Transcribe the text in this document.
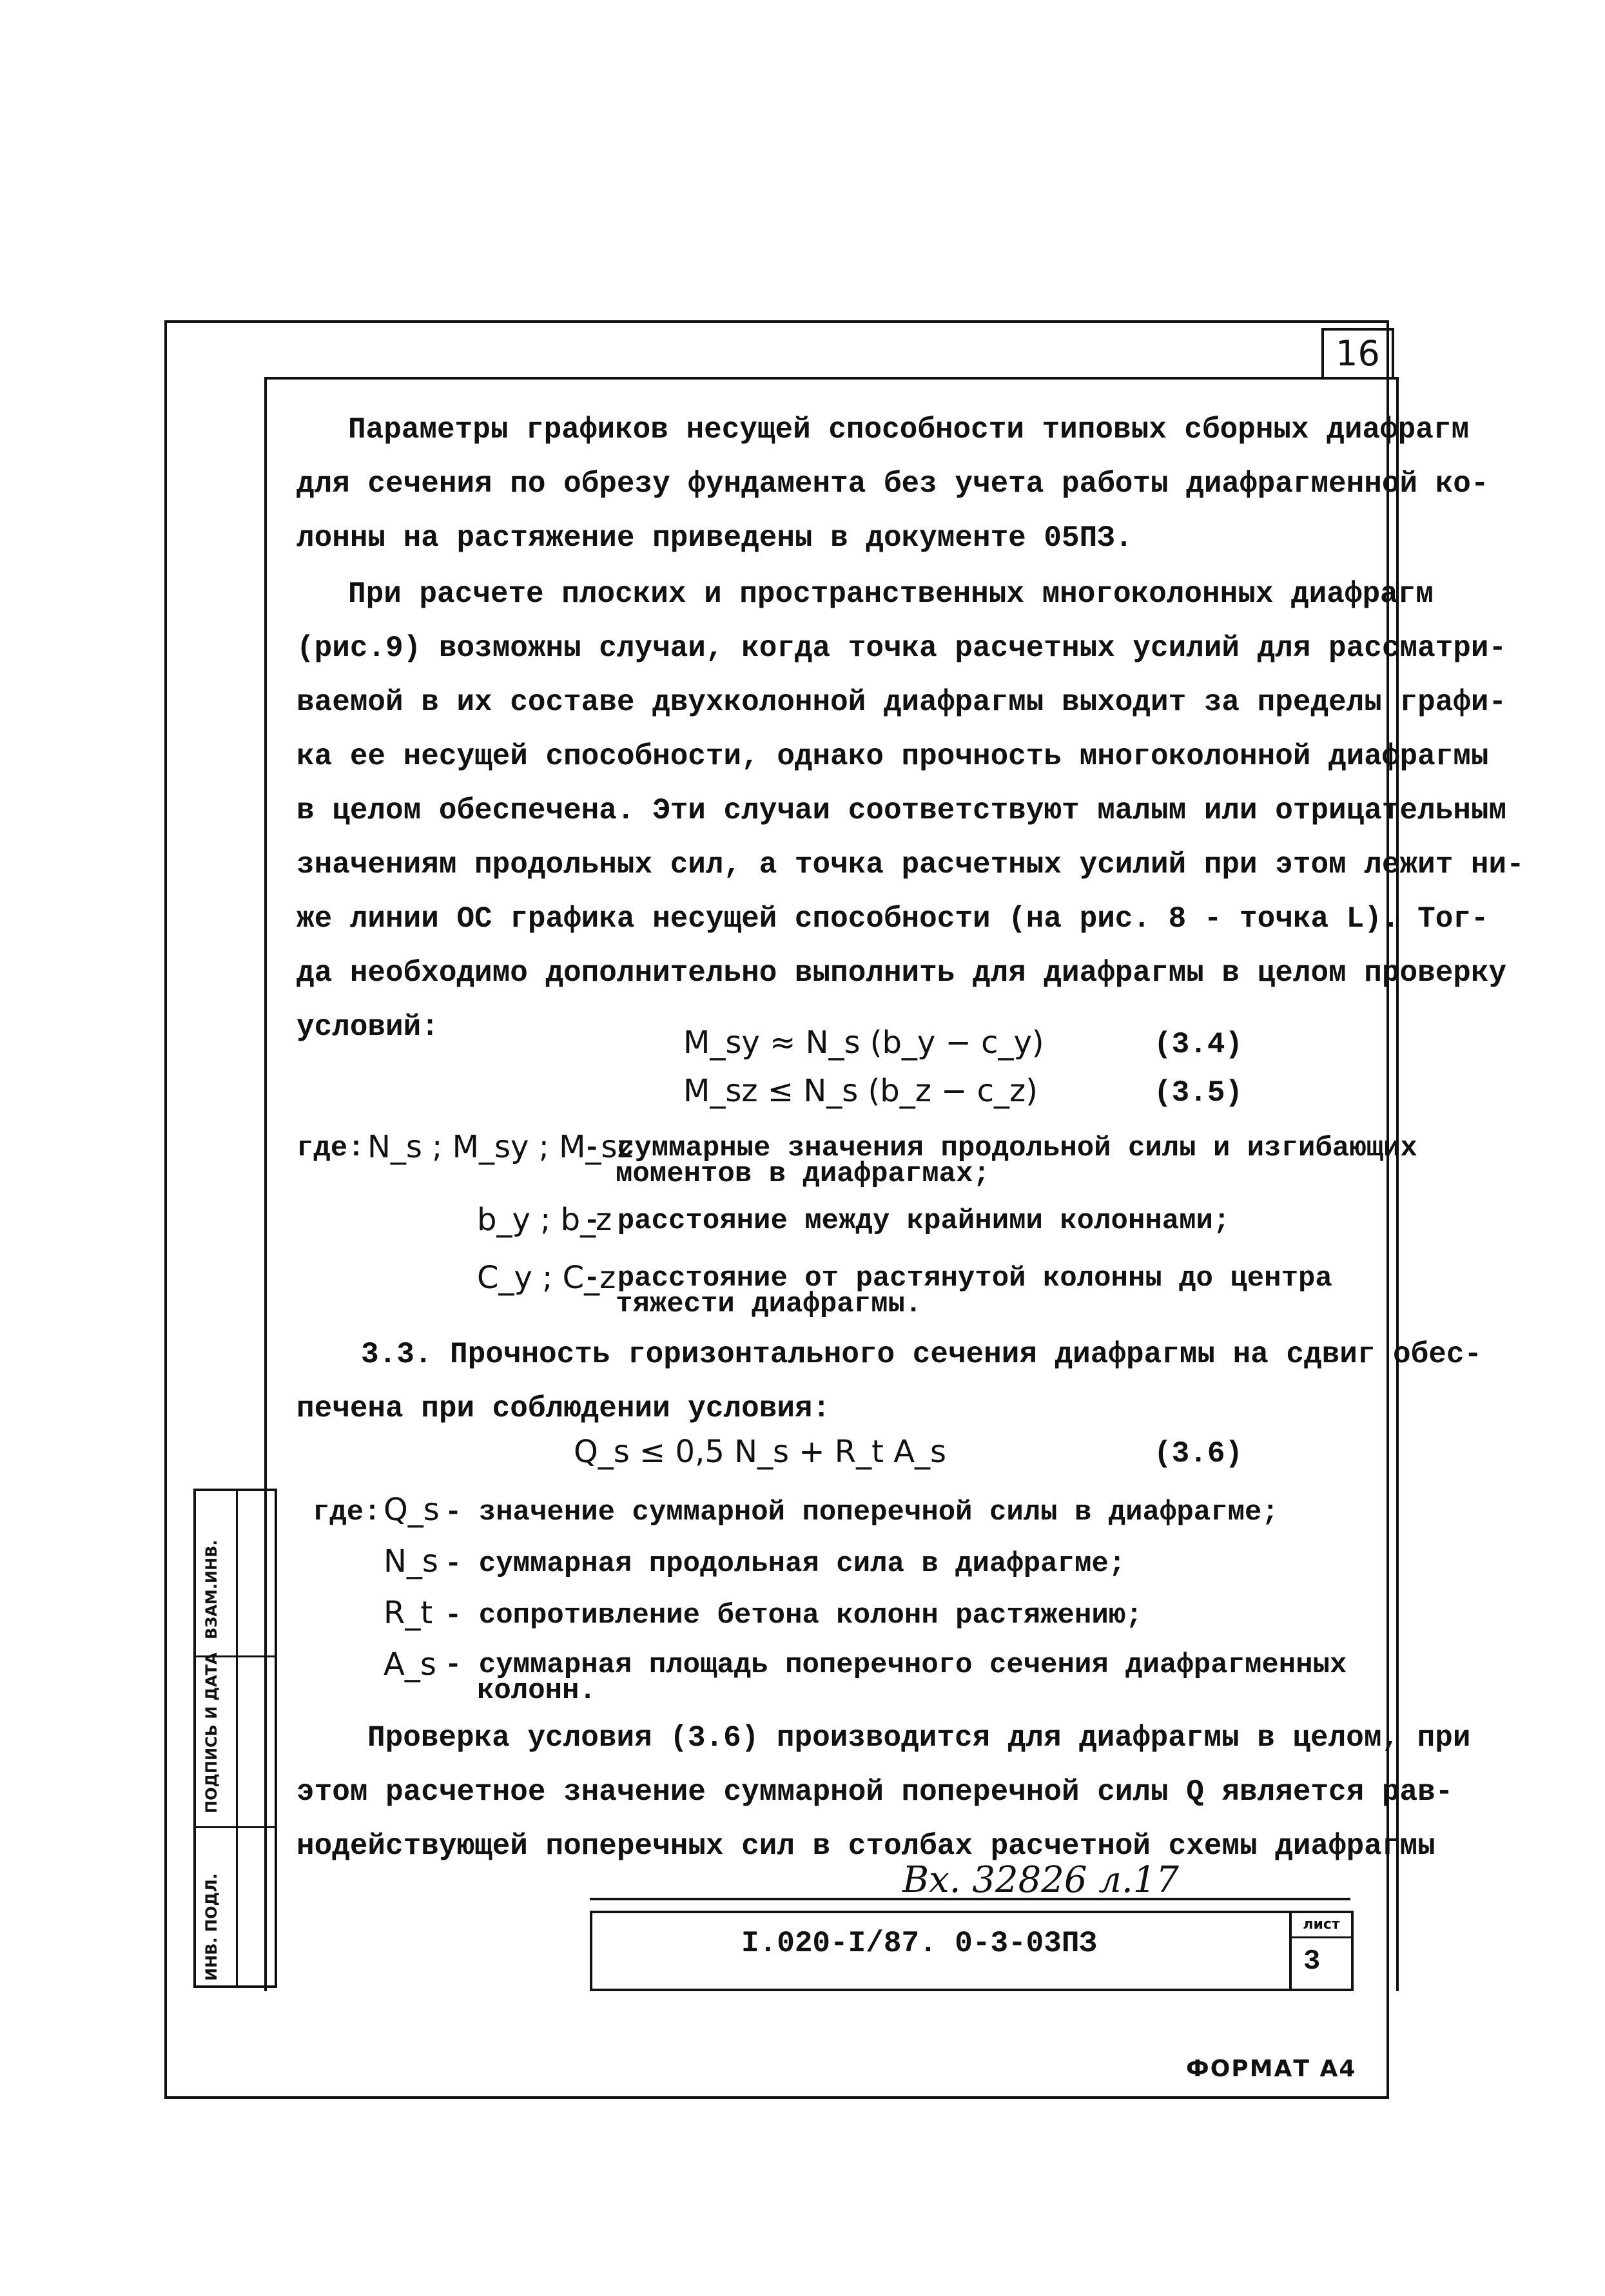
16
Параметры графиков несущей способности типовых сборных диафрагм
для сечения по обрезу фундамента без учета работы диафрагменной ко-
лонны на растяжение приведены в документе 05ПЗ.
При расчете плоских и пространственных многоколонных диафрагм
(рис.9) возможны случаи, когда точка расчетных усилий для рассматри-
ваемой в их составе двухколонной диафрагмы выходит за пределы графи-
ка ее несущей способности, однако прочность многоколонной диафрагмы
в целом обеспечена. Эти случаи соответствуют малым или отрицательным
значениям продольных сил, а точка расчетных усилий при этом лежит ни-
же линии ОС графика несущей способности (на рис. 8 - точка L). Тог-
да необходимо дополнительно выполнить для диафрагмы в целом проверку
условий:	M_sy ≈ N_s (b_y − c_y)	(3.4)
M_sz ≤ N_s (b_z − c_z)	(3.5)
где: N_s ; M_sy ; M_sz
- суммарные значения продольной силы и изгибающих
моментов в диафрагмах;
b_y ; b_z
- расстояние между крайними колоннами;
C_y ; C_z
- расстояние от растянутой колонны до центра
тяжести диафрагмы.
3.3. Прочность горизонтального сечения диафрагмы на сдвиг обес-
печена при соблюдении условия:
Q_s ≤ 0,5 N_s + R_t A_s	(3.6)
где: Q_s - значение суммарной поперечной силы в диафрагме;
N_s - суммарная продольная сила в диафрагме;
R_t - сопротивление бетона колонн растяжению;
A_s - суммарная площадь поперечного сечения диафрагменных
колонн.
Проверка условия (3.6) производится для диафрагмы в целом, при
этом расчетное значение суммарной поперечной силы Q является рав-
нодействующей поперечных сил в столбах расчетной схемы диафрагмы
Вх. 32826 л.17
ВЗАМ.ИНВ.
ПОДПИСЬ И ДАТА
ИНВ. ПОДЛ.	I.020-I/87. 0-3-03ПЗ
лист
3
ФОРМАТ А4
